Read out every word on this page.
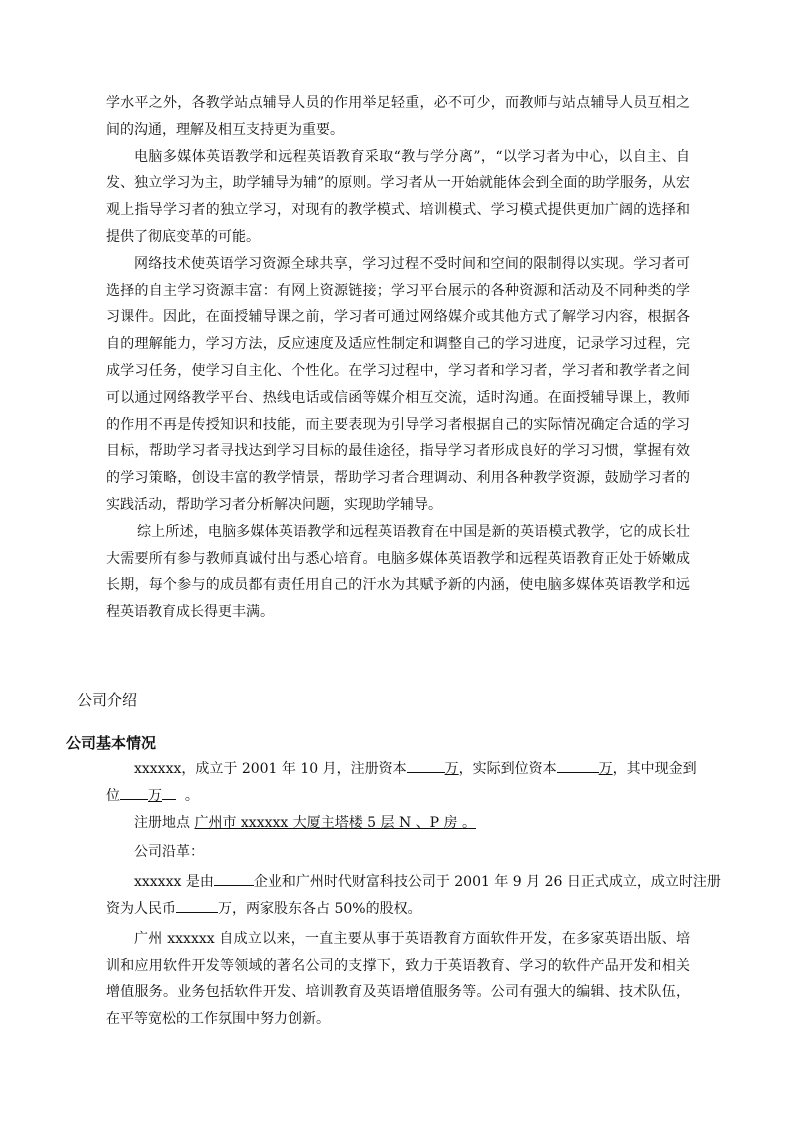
学水平之外，各教学站点辅导人员的作用举足轻重，必不可少，而教师与站点辅导人员互相之间的沟通，理解及相互支持更为重要。

电脑多媒体英语教学和远程英语教育采取“教与学分离”，“以学习者为中心，以自主、自发、独立学习为主，助学辅导为辅”的原则。学习者从一开始就能体会到全面的助学服务，从宏观上指导学习者的独立学习，对现有的教学模式、培训模式、学习模式提供更加广阔的选择和提供了彻底变革的可能。

网络技术使英语学习资源全球共享，学习过程不受时间和空间的限制得以实现。学习者可选择的自主学习资源丰富：有网上资源链接；学习平台展示的各种资源和活动及不同种类的学习课件。因此，在面授辅导课之前，学习者可通过网络媒介或其他方式了解学习内容，根据各自的理解能力，学习方法，反应速度及适应性制定和调整自己的学习进度，记录学习过程，完成学习任务，使学习自主化、个性化。在学习过程中，学习者和学习者，学习者和教学者之间可以通过网络教学平台、热线电话或信函等媒介相互交流，适时沟通。在面授辅导课上，教师的作用不再是传授知识和技能，而主要表现为引导学习者根据自己的实际情况确定合适的学习目标，帮助学习者寻找达到学习目标的最佳途径，指导学习者形成良好的学习习惯，掌握有效的学习策略，创设丰富的教学情景，帮助学习者合理调动、利用各种教学资源，鼓励学习者的实践活动，帮助学习者分析解决问题，实现助学辅导。

综上所述，电脑多媒体英语教学和远程英语教育在中国是新的英语模式教学，它的成长壮大需要所有参与教师真诚付出与悉心培育。电脑多媒体英语教学和远程英语教育正处于娇嫩成长期，每个参与的成员都有责任用自己的汗水为其赋予新的内涵，使电脑多媒体英语教学和远程英语教育成长得更丰满。

公司介绍

公司基本情况

xxxxxx，成立于 2001 年 10 月，注册资本	万，实际到位资本	万，其中现金到

位 万 。

注册地点 广州市 xxxxxx 大厦主塔楼 5 层 N 、P 房 。

公司沿革：

xxxxxx 是由	企业和广州时代财富科技公司于 2001 年 9 月 26 日正式成立，成立时注册

资为人民币	万，两家股东各占 50%的股权。

广州 xxxxxx 自成立以来，一直主要从事于英语教育方面软件开发，在多家英语出版、培训和应用软件开发等领域的著名公司的支撑下，致力于英语教育、学习的软件产品开发和相关增值服务。业务包括软件开发、培训教育及英语增值服务等。公司有强大的编辑、技术队伍，在平等宽松的工作氛围中努力创新。
